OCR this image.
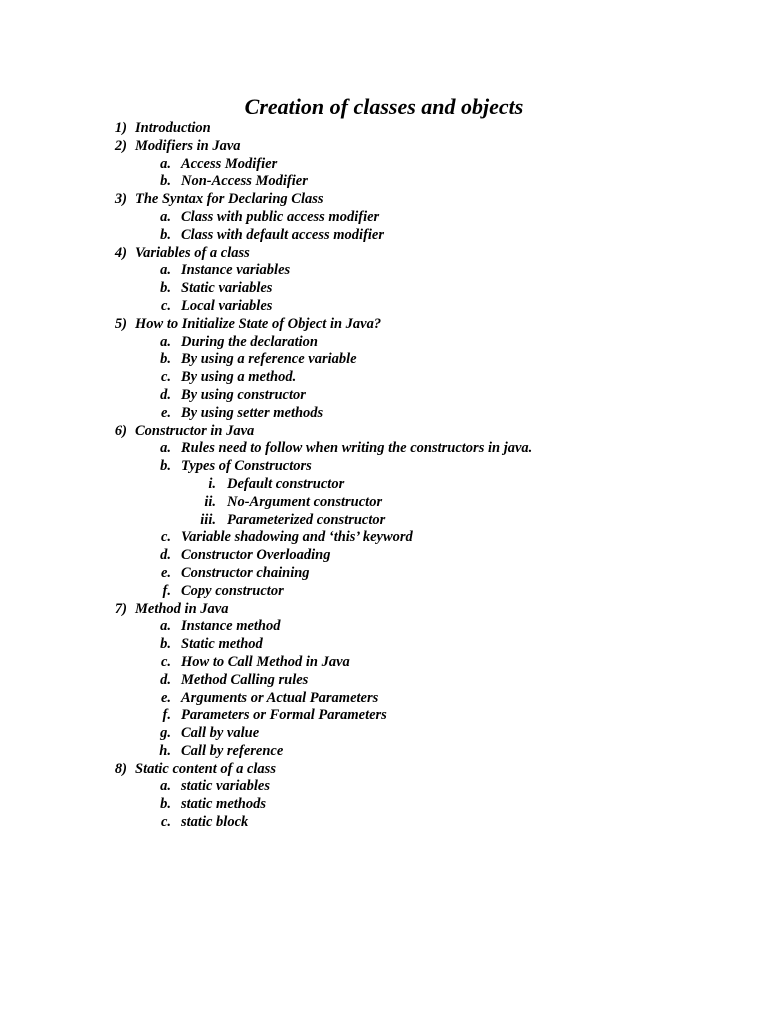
Creation of classes and objects
1) Introduction
2) Modifiers in Java
a. Access Modifier
b. Non-Access Modifier
3) The Syntax for Declaring Class
a. Class with public access modifier
b. Class with default access modifier
4) Variables of a class
a. Instance variables
b. Static variables
c. Local variables
5) How to Initialize State of Object in Java?
a. During the declaration
b. By using a reference variable
c. By using a method.
d. By using constructor
e. By using setter methods
6) Constructor in Java
a. Rules need to follow when writing the constructors in java.
b. Types of Constructors
i. Default constructor
ii. No-Argument constructor
iii. Parameterized constructor
c. Variable shadowing and ‘this’ keyword
d. Constructor Overloading
e. Constructor chaining
f. Copy constructor
7) Method in Java
a. Instance method
b. Static method
c. How to Call Method in Java
d. Method Calling rules
e. Arguments or Actual Parameters
f. Parameters or Formal Parameters
g. Call by value
h. Call by reference
8) Static content of a class
a. static variables
b. static methods
c. static block
